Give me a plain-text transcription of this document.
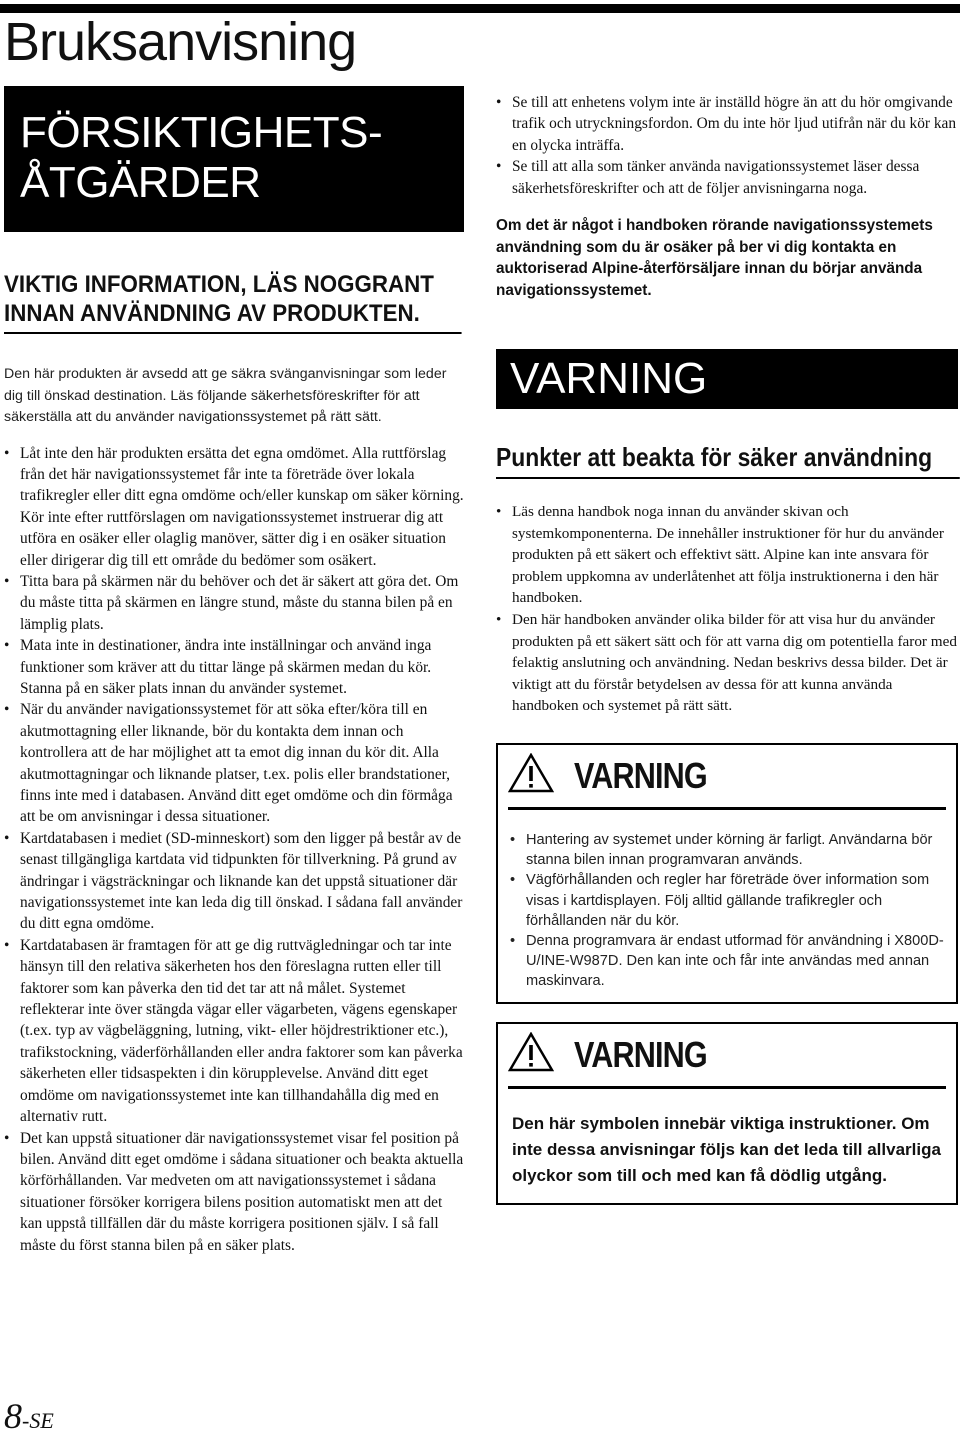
Bruksanvisning
FÖRSIKTIGHETS-
ÅTGÄRDER
VIKTIG INFORMATION, LÄS NOGGRANT INNAN ANVÄNDNING AV PRODUKTEN.

Den här produkten är avsedd att ge säkra svänganvisningar som leder dig till önskad destination. Läs följande säkerhetsföreskrifter för att säkerställa att du använder navigationssystemet på rätt sätt.

• Låt inte den här produkten ersätta det egna omdömet. Alla ruttförslag från det här navigationssystemet får inte ta företräde över lokala trafikregler eller ditt egna omdöme och/eller kunskap om säker körning. Kör inte efter ruttförslagen om navigationssystemet instruerar dig att utföra en osäker eller olaglig manöver, sätter dig i en osäker situation eller dirigerar dig till ett område du bedömer som osäkert.
• Titta bara på skärmen när du behöver och det är säkert att göra det. Om du måste titta på skärmen en längre stund, måste du stanna bilen på en lämplig plats.
• Mata inte in destinationer, ändra inte inställningar och använd inga funktioner som kräver att du tittar länge på skärmen medan du kör. Stanna på en säker plats innan du använder systemet.
• När du använder navigationssystemet för att söka efter/köra till en akutmottagning eller liknande, bör du kontakta dem innan och kontrollera att de har möjlighet att ta emot dig innan du kör dit. Alla akutmottagningar och liknande platser, t.ex. polis eller brandstationer, finns inte med i databasen. Använd ditt eget omdöme och din förmåga att be om anvisningar i dessa situationer.
• Kartdatabasen i mediet (SD-minneskort) som den ligger på består av de senast tillgängliga kartdata vid tidpunkten för tillverkning. På grund av ändringar i vägsträckningar och liknande kan det uppstå situationer där navigationssystemet inte kan leda dig till önskad. I sådana fall använder du ditt egna omdöme.
• Kartdatabasen är framtagen för att ge dig ruttvägledningar och tar inte hänsyn till den relativa säkerheten hos den föreslagna rutten eller till faktorer som kan påverka den tid det tar att nå målet. Systemet reflekterar inte över stängda vägar eller vägarbeten, vägens egenskaper (t.ex. typ av vägbeläggning, lutning, vikt- eller höjdrestriktioner etc.), trafikstockning, väderförhållanden eller andra faktorer som kan påverka säkerheten eller tidsaspekten i din körupplevelse. Använd ditt eget omdöme om navigationssystemet inte kan tillhandahålla dig med en alternativ rutt.
• Det kan uppstå situationer där navigationssystemet visar fel position på bilen. Använd ditt eget omdöme i sådana situationer och beakta aktuella körförhållanden. Var medveten om att navigationssystemet i sådana situationer försöker korrigera bilens position automatiskt men att det kan uppstå tillfällen där du måste korrigera positionen själv. I så fall måste du först stanna bilen på en säker plats.
• Se till att enhetens volym inte är inställd högre än att du hör omgivande trafik och utryckningsfordon. Om du inte hör ljud utifrån när du kör kan en olycka inträffa.
• Se till att alla som tänker använda navigationssystemet läser dessa säkerhetsföreskrifter och att de följer anvisningarna noga.

Om det är något i handboken rörande navigationssystemets användning som du är osäker på ber vi dig kontakta en auktoriserad Alpine-återförsäljare innan du börjar använda navigationssystemet.

VARNING
Punkter att beakta för säker användning
• Läs denna handbok noga innan du använder skivan och systemkomponenterna. De innehåller instruktioner för hur du använder produkten på ett säkert och effektivt sätt. Alpine kan inte ansvara för problem uppkomna av underlåtenhet att följa instruktionerna i den här handboken.
• Den här handboken använder olika bilder för att visa hur du använder produkten på ett säkert sätt och för att varna dig om potentiella faror med felaktig anslutning och användning. Nedan beskrivs dessa bilder. Det är viktigt att du förstår betydelsen av dessa för att kunna använda handboken och systemet på rätt sätt.
VARNING
• Hantering av systemet under körning är farligt. Användarna bör stanna bilen innan programvaran används.
• Vägförhållanden och regler har företräde över information som visas i kartdisplayen. Följ alltid gällande trafikregler och förhållanden när du kör.
• Denna programvara är endast utformad för användning i X800D-U/INE-W987D. Den kan inte och får inte användas med annan maskinvara.
VARNING

Den här symbolen innebär viktiga instruktioner. Om inte dessa anvisningar följs kan det leda till allvarliga olyckor som till och med kan få dödlig utgång.

8-SE
